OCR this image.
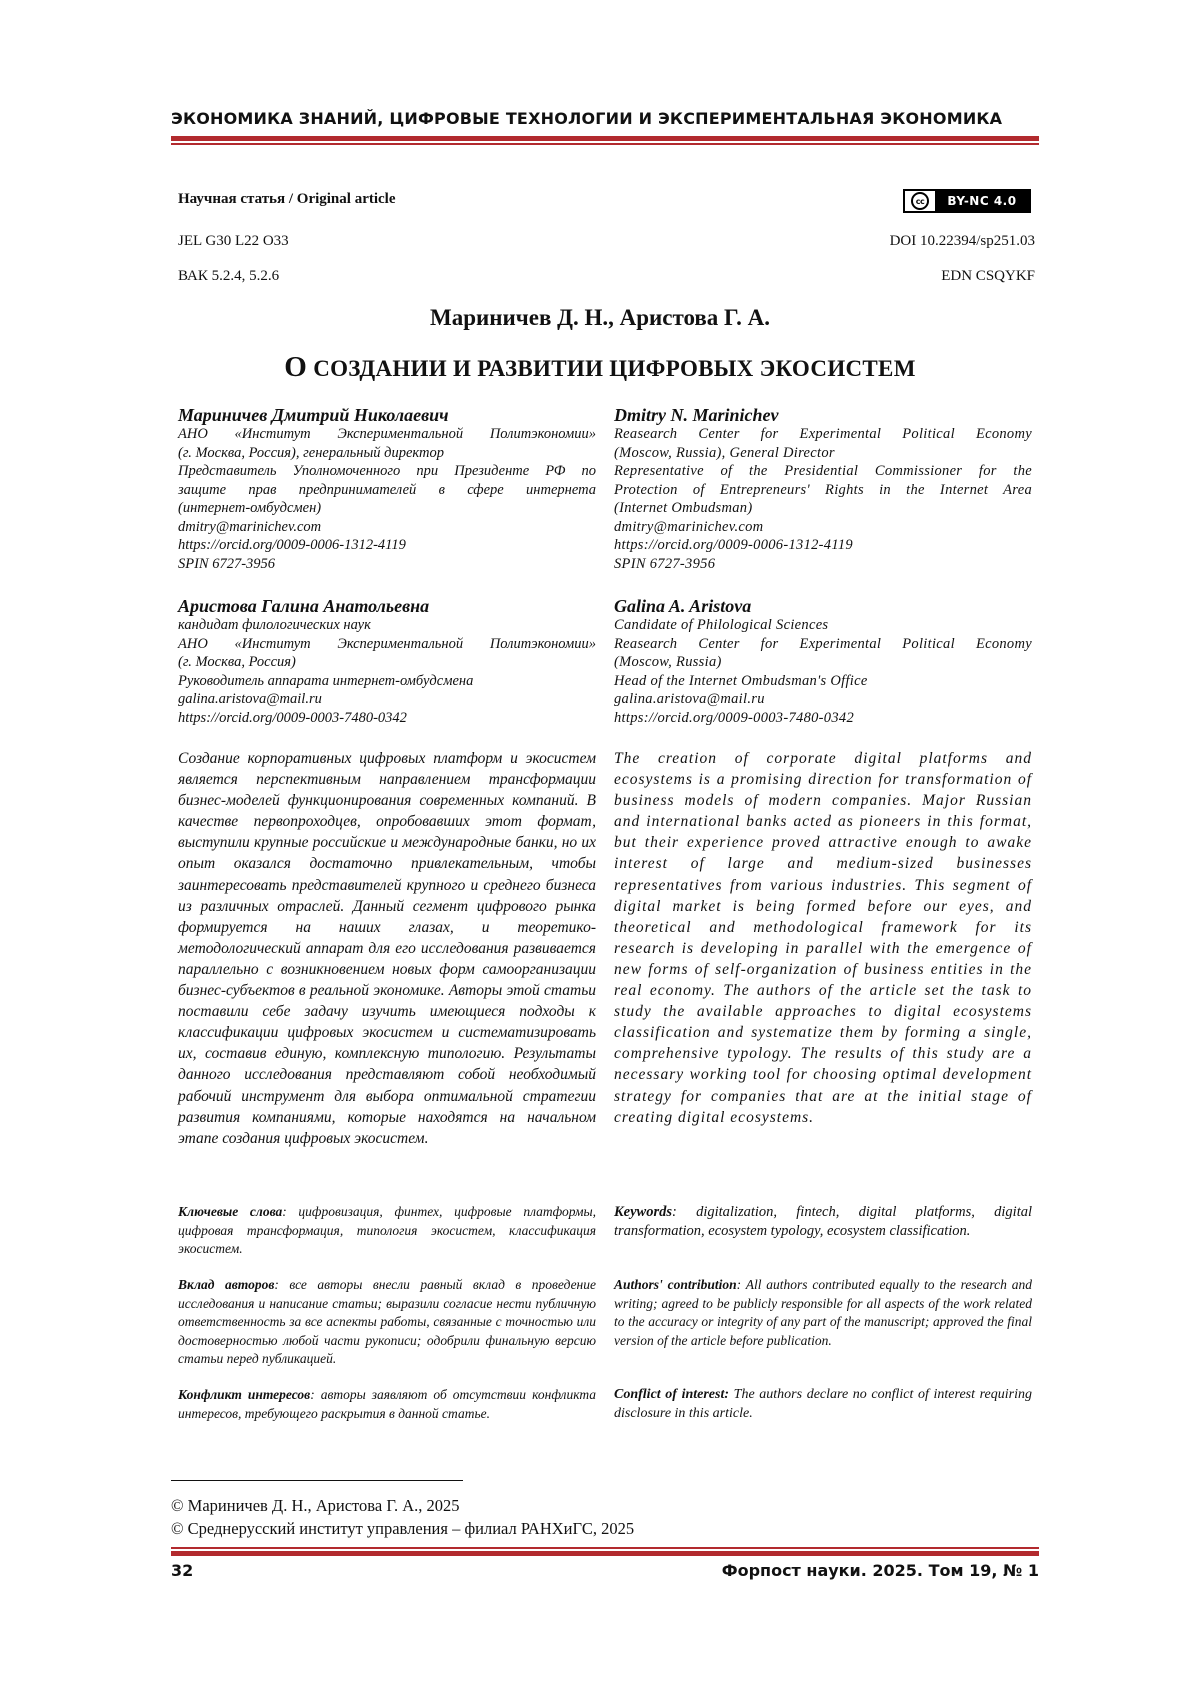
ЭКОНОМИКА ЗНАНИЙ, ЦИФРОВЫЕ ТЕХНОЛОГИИ И ЭКСПЕРИМЕНТАЛЬНАЯ ЭКОНОМИКА
Научная статья / Original article	cc	BY-NC 4.0
JEL G30 L22 O33	DOI 10.22394/sp251.03
ВАК 5.2.4, 5.2.6	EDN CSQYKF
Мариничев Д. Н., Аристова Г. А.
О СОЗДАНИИ И РАЗВИТИИ ЦИФРОВЫХ ЭКОСИСТЕМ
Мариничев Дмитрий Николаевич
АНО «Институт Экспериментальной Политэкономии»
(г. Москва, Россия), генеральный директор
Представитель Уполномоченного при Президенте РФ по
защите прав предпринимателей в сфере интернета
(интернет-омбудсмен)
dmitry@marinichev.com
https://orcid.org/0009-0006-1312-4119
SPIN 6727-3956
Dmitry N. Marinichev
Reasearch Center for Experimental Political Economy
(Moscow, Russia), General Director
Representative of the Presidential Commissioner for the
Protection of Entrepreneurs' Rights in the Internet Area
(Internet Ombudsman)
dmitry@marinichev.com
https://orcid.org/0009-0006-1312-4119
SPIN 6727-3956
Аристова Галина Анатольевна
кандидат филологических наук
АНО «Институт Экспериментальной Политэкономии»
(г. Москва, Россия)
Руководитель аппарата интернет-омбудсмена
galina.aristova@mail.ru
https://orcid.org/0009-0003-7480-0342
Galina A. Aristova
Candidate of Philological Sciences
Reasearch Center for Experimental Political Economy
(Moscow, Russia)
Head of the Internet Ombudsman's Office
galina.aristova@mail.ru
https://orcid.org/0009-0003-7480-0342
Создание корпоративных цифровых платформ и экосистем является перспективным направлением трансформации бизнес-моделей функционирования современных компаний. В качестве первопроходцев, опробовавших этот формат, выступили крупные российские и международные банки, но их опыт оказался достаточно привлекательным, чтобы заинтересовать представителей крупного и среднего бизнеса из различных отраслей. Данный сегмент цифрового рынка формируется на наших глазах, и теоретико-методологический аппарат для его исследования развивается параллельно с возникновением новых форм самоорганизации бизнес-субъектов в реальной экономике. Авторы этой статьи поставили себе задачу изучить имеющиеся подходы к классификации цифровых экосистем и систематизировать их, составив единую, комплексную типологию. Результаты данного исследования представляют собой необходимый рабочий инструмент для выбора оптимальной стратегии развития компаниями, которые находятся на начальном этапе создания цифровых экосистем.
The creation of corporate digital platforms and ecosystems is a promising direction for transformation of business models of modern companies. Major Russian and international banks acted as pioneers in this format, but their experience proved attractive enough to awake interest of large and medium-sized businesses representatives from various industries. This segment of digital market is being formed before our eyes, and theoretical and methodological framework for its research is developing in parallel with the emergence of new forms of self-organization of business entities in the real economy. The authors of the article set the task to study the available approaches to digital ecosystems classification and systematize them by forming a single, comprehensive typology. The results of this study are a necessary working tool for choosing optimal development strategy for companies that are at the initial stage of creating digital ecosystems.
Ключевые слова: цифровизация, финтех, цифровые платформы, цифровая трансформация, типология экосистем, классификация экосистем.
Keywords: digitalization, fintech, digital platforms, digital transformation, ecosystem typology, ecosystem classification.
Вклад авторов: все авторы внесли равный вклад в проведение исследования и написание статьи; выразили согласие нести публичную ответственность за все аспекты работы, связанные с точностью или достоверностью любой части рукописи; одобрили финальную версию статьи перед публикацией.
Authors' contribution: All authors contributed equally to the research and writing; agreed to be publicly responsible for all aspects of the work related to the accuracy or integrity of any part of the manuscript; approved the final version of the article before publication.
Конфликт интересов: авторы заявляют об отсутствии конфликта интересов, требующего раскрытия в данной статье.
Conflict of interest: The authors declare no conflict of interest requiring disclosure in this article.
© Мариничев Д. Н., Аристова Г. А., 2025
© Среднерусский институт управления – филиал РАНХиГС, 2025
32	Форпост науки. 2025. Том 19, № 1
